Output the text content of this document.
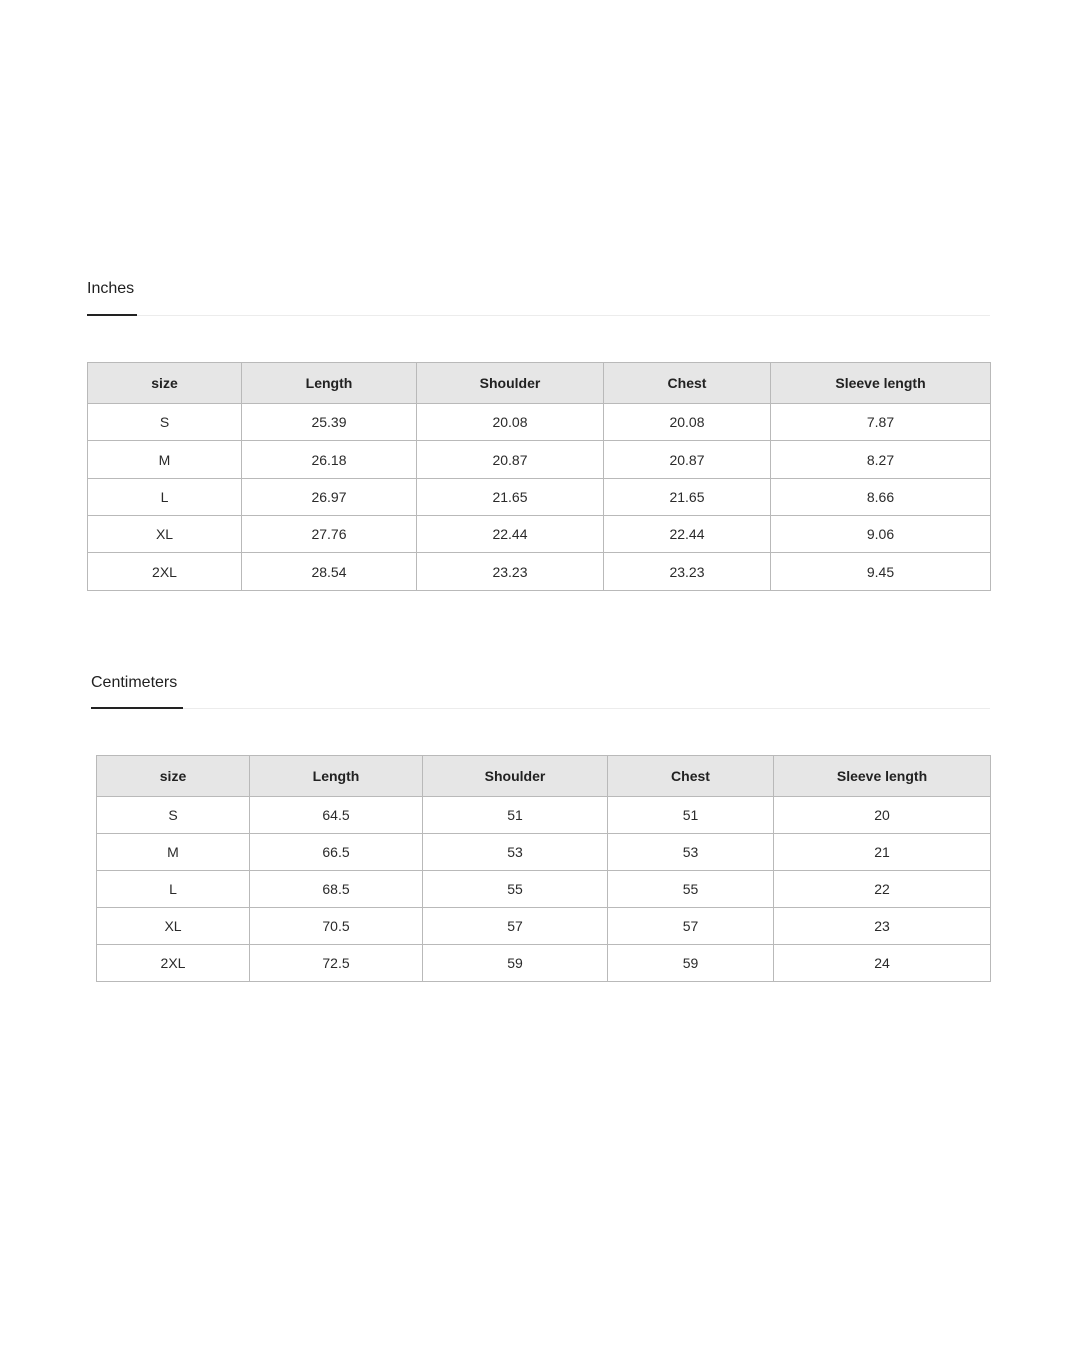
Inches
size	Length	Shoulder	Chest	Sleeve length
S	25.39	20.08	20.08	7.87
M	26.18	20.87	20.87	8.27
L	26.97	21.65	21.65	8.66
XL	27.76	22.44	22.44	9.06
2XL	28.54	23.23	23.23	9.45
Centimeters
size	Length	Shoulder	Chest	Sleeve length
S	64.5	51	51	20
M	66.5	53	53	21
L	68.5	55	55	22
XL	70.5	57	57	23
2XL	72.5	59	59	24
